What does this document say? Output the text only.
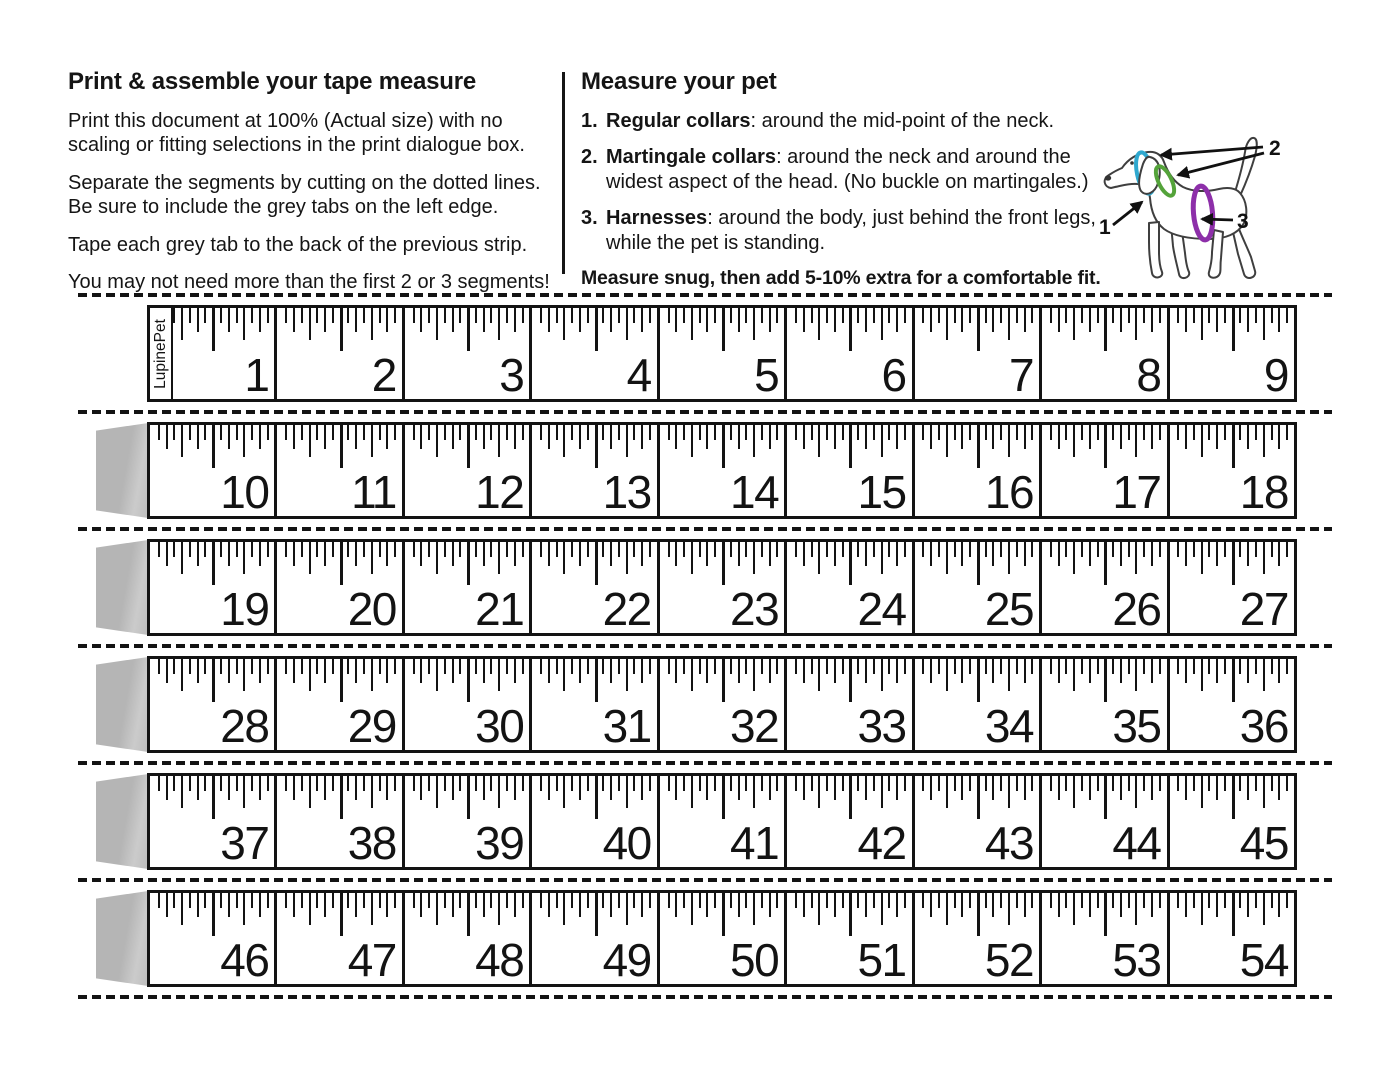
Print & assemble your tape measure

Print this document at 100% (Actual size) with no scaling or fitting selections in the print dialogue box.

Separate the segments by cutting on the dotted lines. Be sure to include the grey tabs on the left edge.

Tape each grey tab to the back of the previous strip.

You may not need more than the first 2 or 3 segments!

Measure your pet
1. Regular collars: around the mid-point of the neck.
2. Martingale collars: around the neck and around the widest aspect of the head. (No buckle on martingales.)
3. Harnesses: around the body, just behind the front legs, while the pet is standing.
Measure snug, then add 5-10% extra for a comfortable fit.
1
2
3
1
LupinePet	2 3 4 5 6 7 8 9
10 11 12 13 14 15 16 17 18
19 20 21 22 23 24 25 26 27
28 29 30 31 32 33 34 35 36
37 38 39 40 41 42 43 44 45
46 47 48 49 50 51 52 53 54
